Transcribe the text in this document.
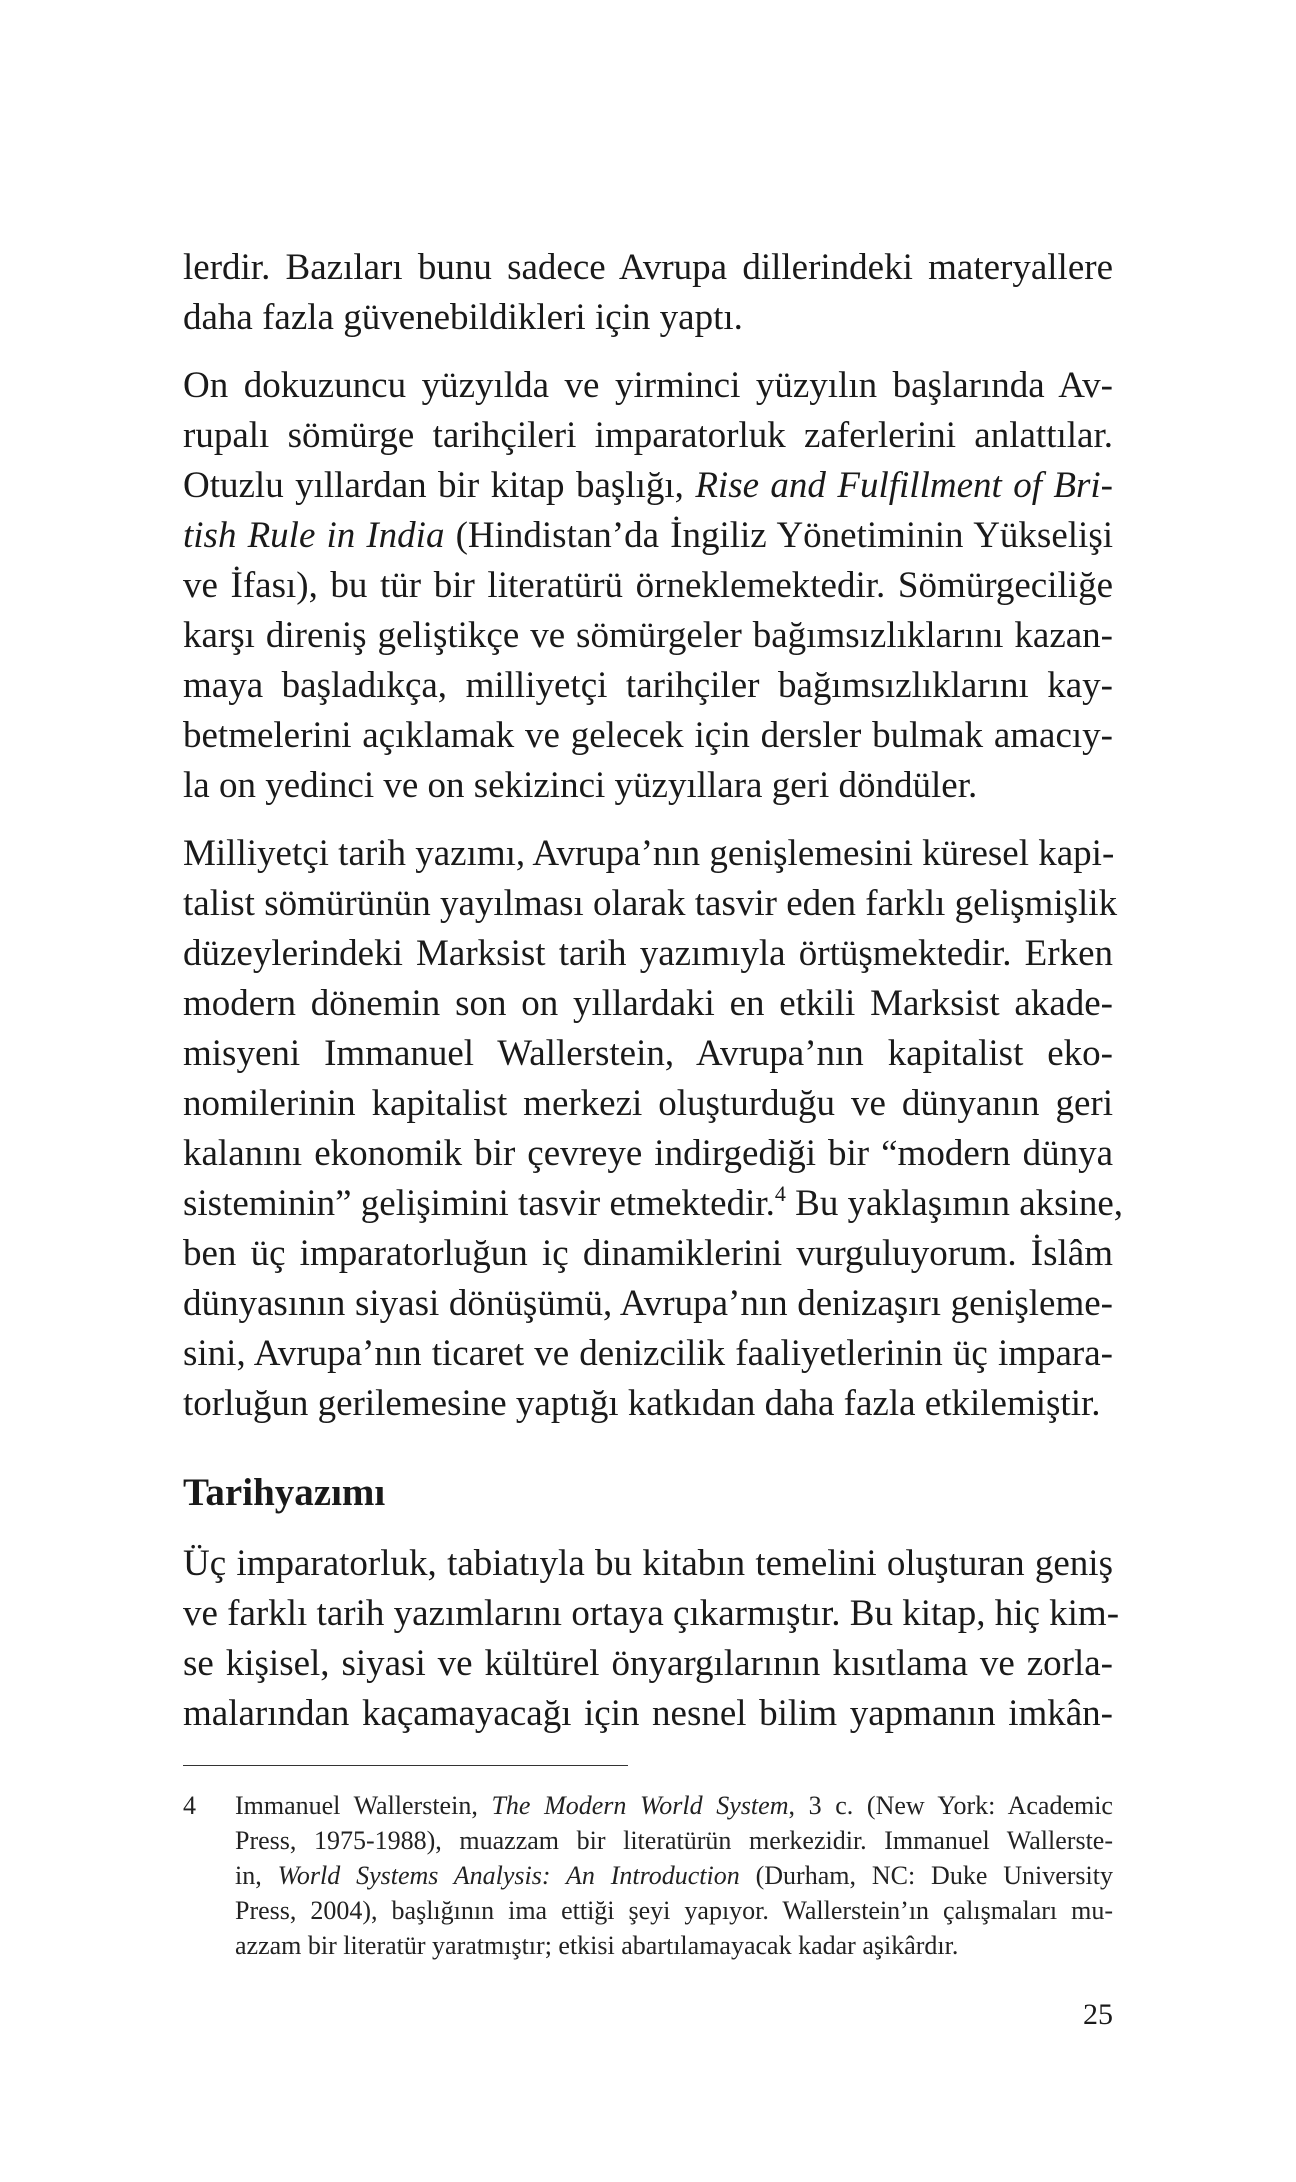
lerdir. Bazıları bunu sadece Avrupa dillerindeki materyallere
daha fazla güvenebildikleri için yaptı.

On dokuzuncu yüzyılda ve yirminci yüzyılın başlarında Av-
rupalı sömürge tarihçileri imparatorluk zaferlerini anlattılar.
Otuzlu yıllardan bir kitap başlığı, Rise and Fulfillment of Bri-
tish Rule in India (Hindistan’da İngiliz Yönetiminin Yükselişi
ve İfası), bu tür bir literatürü örneklemektedir. Sömürgeciliğe
karşı direniş geliştikçe ve sömürgeler bağımsızlıklarını kazan-
maya başladıkça, milliyetçi tarihçiler bağımsızlıklarını kay-
betmelerini açıklamak ve gelecek için dersler bulmak amacıy-
la on yedinci ve on sekizinci yüzyıllara geri döndüler.

Milliyetçi tarih yazımı, Avrupa’nın genişlemesini küresel kapi-
talist sömürünün yayılması olarak tasvir eden farklı gelişmişlik
düzeylerindeki Marksist tarih yazımıyla örtüşmektedir. Erken
modern dönemin son on yıllardaki en etkili Marksist akade-
misyeni Immanuel Wallerstein, Avrupa’nın kapitalist eko-
nomilerinin kapitalist merkezi oluşturduğu ve dünyanın geri
kalanını ekonomik bir çevreye indirgediği bir “modern dünya
sisteminin” gelişimini tasvir etmektedir.$^4$ Bu yaklaşımın aksine,
ben üç imparatorluğun iç dinamiklerini vurguluyorum. İslâm
dünyasının siyasi dönüşümü, Avrupa’nın denizaşırı genişleme-
sini, Avrupa’nın ticaret ve denizcilik faaliyetlerinin üç impara-
torluğun gerilemesine yaptığı katkıdan daha fazla etkilemiştir.

Tarihyazımı

Üç imparatorluk, tabiatıyla bu kitabın temelini oluşturan geniş
ve farklı tarih yazımlarını ortaya çıkarmıştır. Bu kitap, hiç kim-
se kişisel, siyasi ve kültürel önyargılarının kısıtlama ve zorla-
malarından kaçamayacağı için nesnel bilim yapmanın imkân-

4 Immanuel Wallerstein, The Modern World System, 3 c. (New York: Academic
Press, 1975-1988), muazzam bir literatürün merkezidir. Immanuel Wallerste-
in, World Systems Analysis: An Introduction (Durham, NC: Duke University
Press, 2004), başlığının ima ettiği şeyi yapıyor. Wallerstein’ın çalışmaları mu-
azzam bir literatür yaratmıştır; etkisi abartılamayacak kadar aşikârdır.
25
